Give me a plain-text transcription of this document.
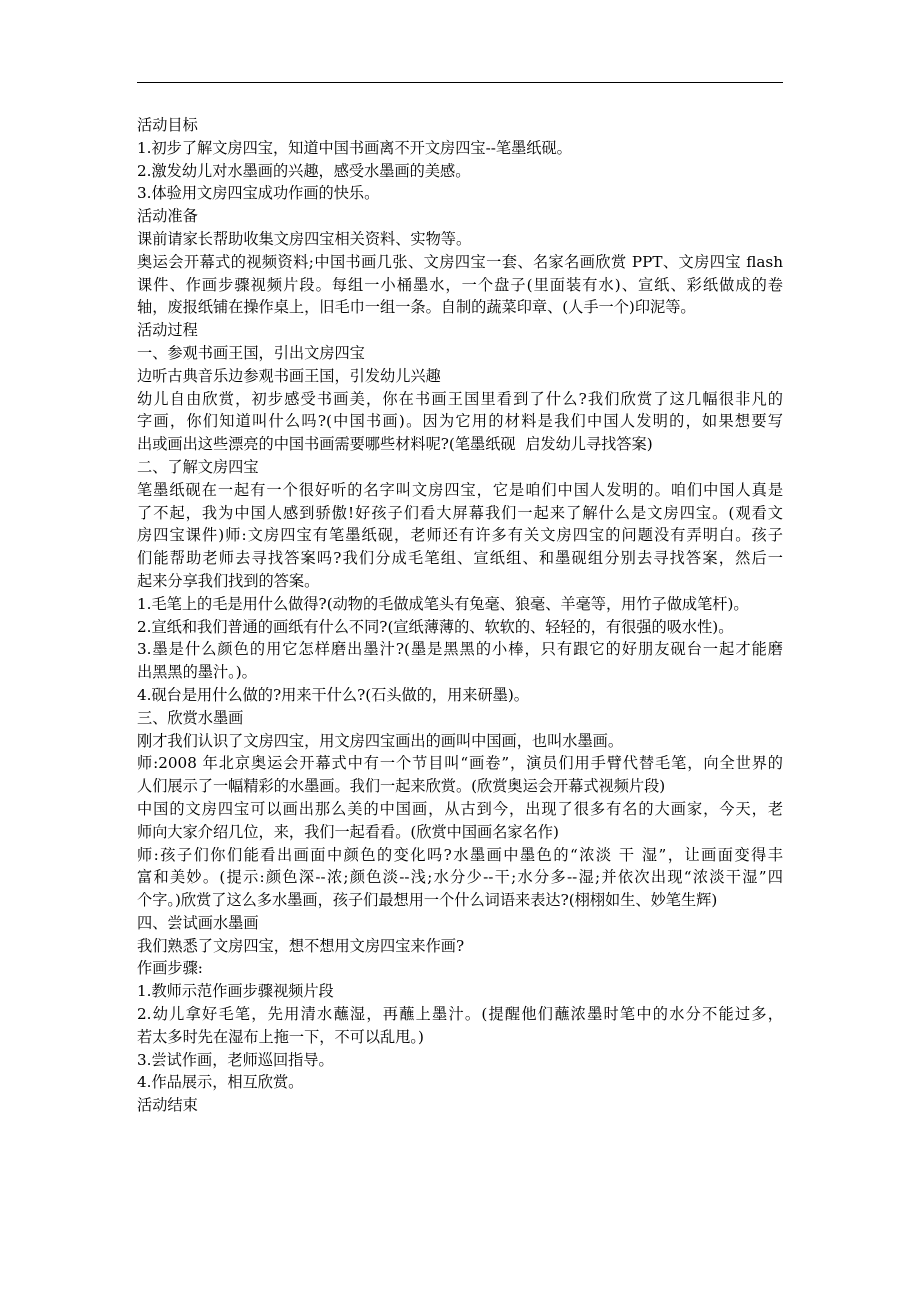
活动目标
1.初步了解文房四宝，知道中国书画离不开文房四宝--笔墨纸砚。
2.激发幼儿对水墨画的兴趣，感受水墨画的美感。
3.体验用文房四宝成功作画的快乐。
活动准备
课前请家长帮助收集文房四宝相关资料、实物等。
奥运会开幕式的视频资料;中国书画几张、文房四宝一套、名家名画欣赏 PPT、文房四宝 flash
课件、作画步骤视频片段。每组一小桶墨水，一个盘子(里面装有水)、宣纸、彩纸做成的卷
轴，废报纸铺在操作桌上，旧毛巾一组一条。自制的蔬菜印章、(人手一个)印泥等。
活动过程
一、参观书画王国，引出文房四宝
边听古典音乐边参观书画王国，引发幼儿兴趣
幼儿自由欣赏，初步感受书画美，你在书画王国里看到了什么?我们欣赏了这几幅很非凡的
字画，你们知道叫什么吗?(中国书画)。因为它用的材料是我们中国人发明的，如果想要写
出或画出这些漂亮的中国书画需要哪些材料呢?(笔墨纸砚  启发幼儿寻找答案)
二、了解文房四宝
笔墨纸砚在一起有一个很好听的名字叫文房四宝，它是咱们中国人发明的。咱们中国人真是
了不起，我为中国人感到骄傲!好孩子们看大屏幕我们一起来了解什么是文房四宝。(观看文
房四宝课件)师:文房四宝有笔墨纸砚，老师还有许多有关文房四宝的问题没有弄明白。孩子
们能帮助老师去寻找答案吗?我们分成毛笔组、宣纸组、和墨砚组分别去寻找答案，然后一
起来分享我们找到的答案。
1.毛笔上的毛是用什么做得?(动物的毛做成笔头有兔毫、狼毫、羊毫等，用竹子做成笔杆)。
2.宣纸和我们普通的画纸有什么不同?(宣纸薄薄的、软软的、轻轻的，有很强的吸水性)。
3.墨是什么颜色的用它怎样磨出墨汁?(墨是黑黑的小棒，只有跟它的好朋友砚台一起才能磨
出黑黑的墨汁。)。
4.砚台是用什么做的?用来干什么?(石头做的，用来研墨)。
三、欣赏水墨画
刚才我们认识了文房四宝，用文房四宝画出的画叫中国画，也叫水墨画。
师:2008 年北京奥运会开幕式中有一个节目叫“画卷”，演员们用手臂代替毛笔，向全世界的
人们展示了一幅精彩的水墨画。我们一起来欣赏。(欣赏奥运会开幕式视频片段)
中国的文房四宝可以画出那么美的中国画，从古到今，出现了很多有名的大画家，今天，老
师向大家介绍几位，来，我们一起看看。(欣赏中国画名家名作)
师:孩子们你们能看出画面中颜色的变化吗?水墨画中墨色的“浓淡 干 湿”，让画面变得丰
富和美妙。(提示:颜色深--浓;颜色淡--浅;水分少--干;水分多--湿;并依次出现“浓淡干湿”四
个字。)欣赏了这么多水墨画，孩子们最想用一个什么词语来表达?(栩栩如生、妙笔生辉)
四、尝试画水墨画
我们熟悉了文房四宝，想不想用文房四宝来作画?
作画步骤:
1.教师示范作画步骤视频片段
2.幼儿拿好毛笔，先用清水蘸湿，再蘸上墨汁。(提醒他们蘸浓墨时笔中的水分不能过多，
若太多时先在湿布上拖一下，不可以乱甩。)
3.尝试作画，老师巡回指导。
4.作品展示，相互欣赏。
活动结束
